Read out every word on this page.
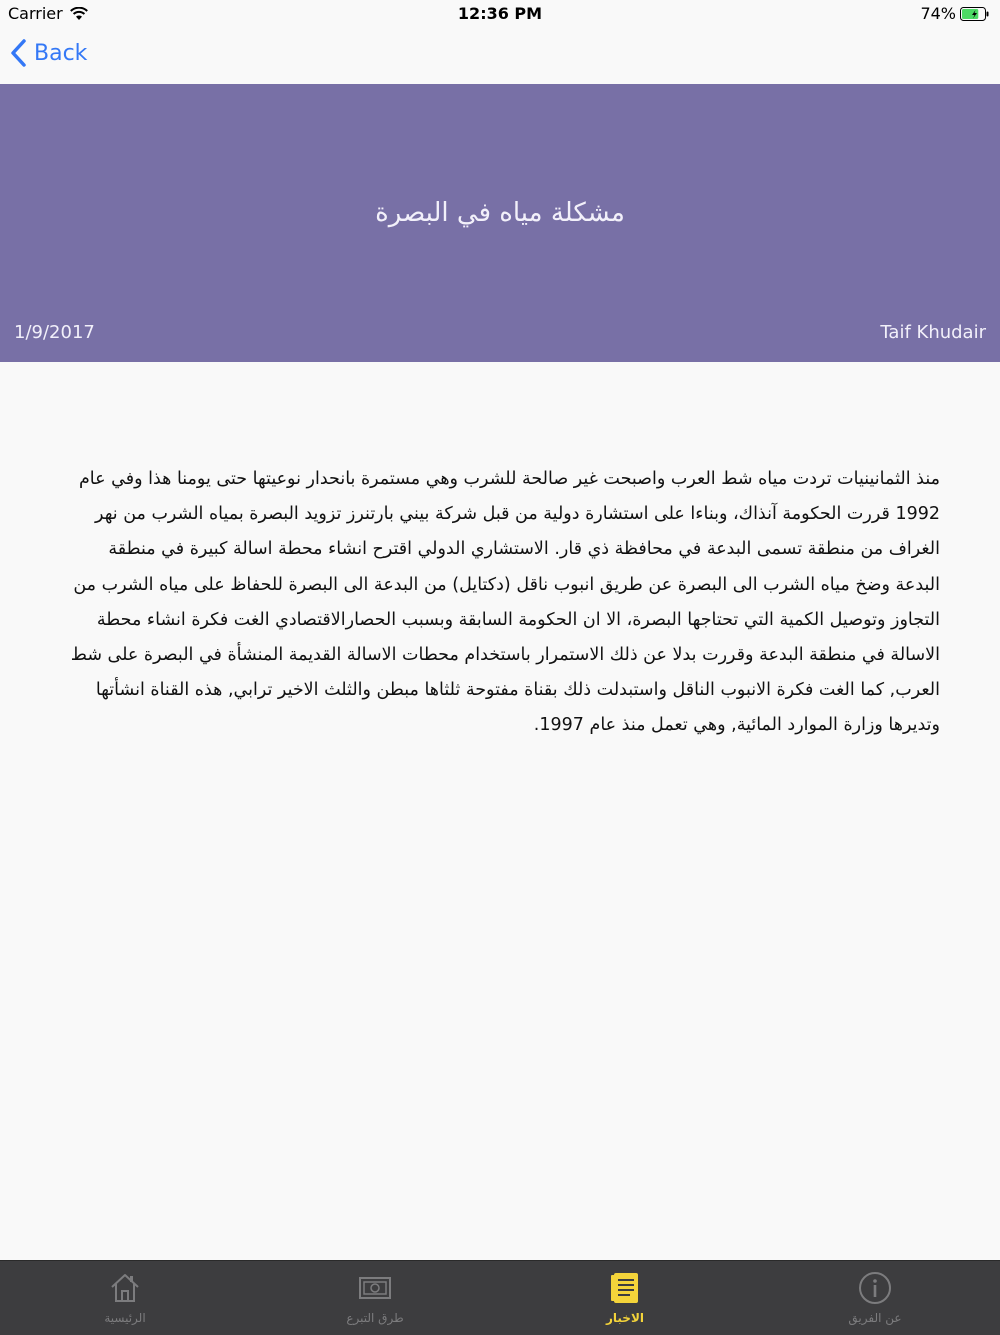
Carrier	12:36 PM	74%
Back
مشكلة مياه في البصرة
1/9/2017	Taif Khudair
منذ الثمانينيات تردت مياه شط العرب واصبحت غير صالحة للشرب وهي مستمرة بانحدار نوعيتها حتى يومنا هذا وفي عام 1992 قررت الحكومة آنذاك، وبناءا على استشارة دولية من قبل شركة بيني بارتنرز تزويد البصرة بمياه الشرب من نهر الغراف من منطقة تسمى البدعة في محافظة ذي قار. الاستشاري الدولي اقترح انشاء محطة اسالة كبيرة في منطقة البدعة وضخ مياه الشرب الى البصرة عن طريق انبوب ناقل (دكتايل) من البدعة الى البصرة للحفاظ على مياه الشرب من التجاوز وتوصيل الكمية التي تحتاجها البصرة، الا ان الحكومة السابقة وبسبب الحصارالاقتصادي الغت فكرة انشاء محطة الاسالة في منطقة البدعة وقررت بدلا عن ذلك الاستمرار باستخدام محطات الاسالة القديمة المنشأة في البصرة على شط العرب, كما الغت فكرة الانبوب الناقل واستبدلت ذلك بقناة مفتوحة ثلثاها مبطن والثلث الاخير ترابي, هذه القناة انشأتها وتديرها وزارة الموارد المائية, وهي تعمل منذ عام 1997.
الرئيسية	طرق التبرع	الاخبار	عن الفريق
